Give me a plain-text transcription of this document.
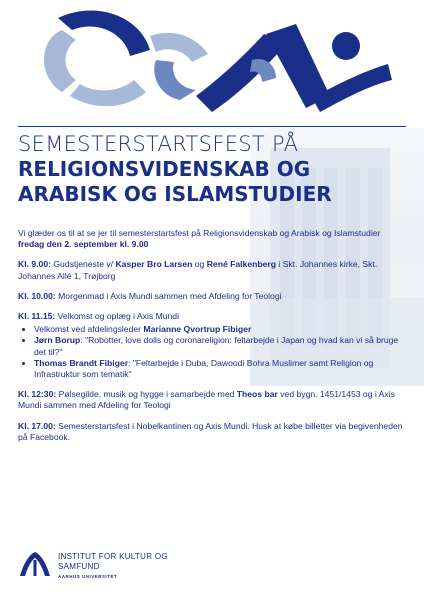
SEMESTERSTARTSFEST PÅ
RELIGIONSVIDENSKAB OG
ARABISK OG ISLAMSTUDIER

Vi glæder os til at se jer til semesterstartsfest på Religionsvidenskab og Arabisk og Islamstudier
fredag den 2. september kl. 9.00

Kl. 9.00: Gudstjeneste v/ Kasper Bro Larsen og René Falkenberg i Skt. Johannes kirke, Skt. Johannes Allé 1, Trøjborg

Kl. 10.00: Morgenmad i Axis Mundi sammen med Afdeling for Teologi

Kl. 11.15: Velkomst og oplæg i Axis Mundi

• Velkomst ved afdelingsleder Marianne Qvortrup Fibiger
• Jørn Borup: "Robotter, love dolls og coronareligion: feltarbejde i Japan og hvad kan vi så bruge det til?"
• Thomas Brandt Fibiger: "Feltarbejde i Duba, Dawoodi Bohra Muslimer samt Religion og Infrastruktur som tematik"

Kl. 12:30: Pølsegilde, musik og hygge i samarbejde med Theos bar ved bygn. 1451/1453 og i Axis Mundi sammen med Afdeling for Teologi

Kl. 17.00: Semesterstartsfest i Nobelkantinen og Axis Mundi. Husk at købe billetter via begivenheden på Facebook.

INSTITUT FOR KULTUR OG SAMFUND
AARHUS UNIVERSITET
